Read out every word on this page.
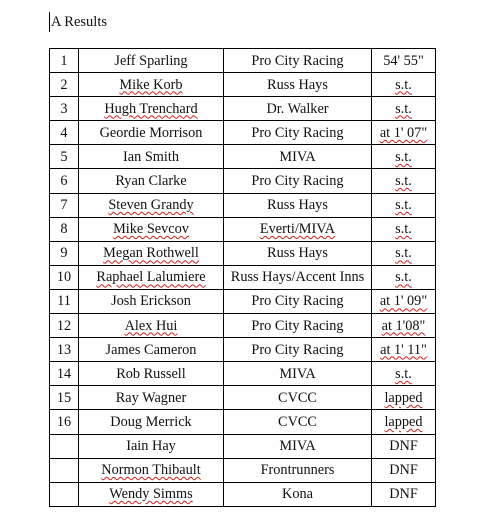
A Results
1	Jeff Sparling	Pro City Racing	54' 55"
2	Mike Korb	Russ Hays	s.t.
3	Hugh Trenchard	Dr. Walker	s.t.
4	Geordie Morrison	Pro City Racing	at 1' 07"
5	Ian Smith	MIVA	s.t.
6	Ryan Clarke	Pro City Racing	s.t.
7	Steven Grandy	Russ Hays	s.t.
8	Mike Sevcov	Everti/MIVA	s.t.
9	Megan Rothwell	Russ Hays	s.t.
10	Raphael Lalumiere	Russ Hays/Accent Inns	s.t.
11	Josh Erickson	Pro City Racing	at 1' 09"
12	Alex Hui	Pro City Racing	at 1'08"
13	James Cameron	Pro City Racing	at 1' 11"
14	Rob Russell	MIVA	s.t.
15	Ray Wagner	CVCC	lapped
16	Doug Merrick	CVCC	lapped
	Iain Hay	MIVA	DNF
	Normon Thibault	Frontrunners	DNF
	Wendy Simms	Kona	DNF
